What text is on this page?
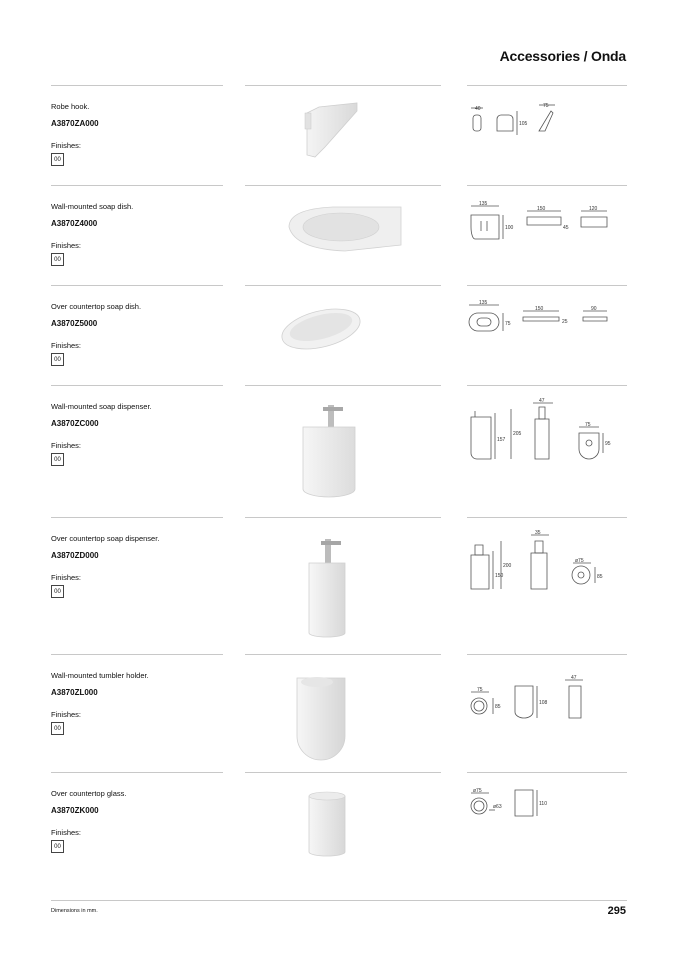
Accessories / Onda
Robe hook.
A3870ZA000
Finishes:
00
40
105
75
Wall-mounted soap dish.
A3870Z4000
Finishes:
00
135
100
150
45
120
Over countertop soap dish.
A3870Z5000
Finishes:
00
135
75
150
25
90
Wall-mounted soap dispenser.
A3870ZC000
Finishes:
00
157
205
47
75
95
Over countertop soap dispenser.
A3870ZD000
Finishes:
00
150
200
35
ø75
85
Wall-mounted tumbler holder.
A3870ZL000
Finishes:
00
75
85
108
47
Over countertop glass.
A3870ZK000
Finishes:
00
ø75
ø63	110
Dimensions in mm.	295
